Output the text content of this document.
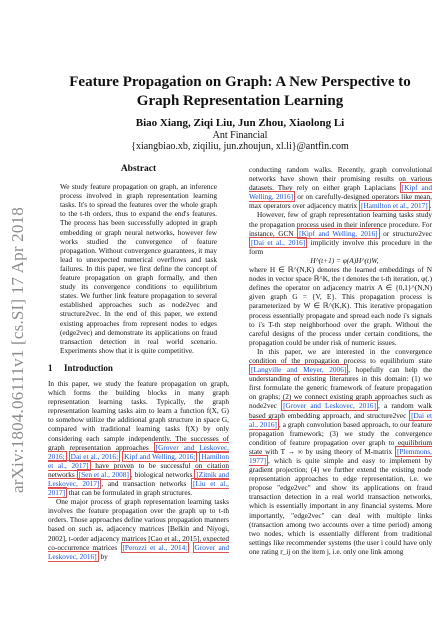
arXiv:1804.06111v1 [cs.SI] 17 Apr 2018
Feature Propagation on Graph: A New Perspective to Graph Representation Learning
Biao Xiang, Ziqi Liu, Jun Zhou, Xiaolong Li
Ant Financial
{xiangbiao.xb, ziqiliu, jun.zhoujun, xl.li}@antfin.com
Abstract

We study feature propagation on graph, an inference process involved in graph representation learning tasks. It's to spread the features over the whole graph to the t-th orders, thus to expand the end's features. The process has been successfully adopted in graph embedding or graph neural networks, however few works studied the convergence of feature propagation. Without convergence guarantees, it may lead to unexpected numerical overflows and task failures. In this paper, we first define the concept of feature propagation on graph formally, and then study its convergence conditions to equilibrium states. We further link feature propagation to several established approaches such as node2vec and structure2vec. In the end of this paper, we extend existing approaches from represent nodes to edges (edge2vec) and demonstrate its applications on fraud transaction detection in real world scenario. Experiments show that it is quite competitive.

1 Introduction

In this paper, we study the feature propagation on graph, which forms the building blocks in many graph representation learning tasks. Typically, the graph representation learning tasks aim to learn a function f(X, G) to somehow utilize the additional graph structure in space G, compared with traditional learning tasks f(X) by only considering each sample independently. The successes of graph representation approaches [Grover and Leskovec, 2016; Dai et al., 2016; Kipf and Welling, 2016; Hamilton et al., 2017] have proven to be successful on citation networks [Sen et al., 2008] , biological networks [Zitnik and Leskovec, 2017] , and transaction networks [Liu et al., 2017] that can be formulated in graph structures.

One major process of graph representation learning tasks involves the feature propagation over the graph up to t-th orders. Those approaches define various propagation manners based on such as, adjacency matrices [Belkin and Niyogi, 2002], t-order adjacency matrices [Cao et al., 2015], expected co-occurrence matrices [Perozzi et al., 2014; Grover and Leskovec, 2016] by

conducting random walks. Recently, graph convolutional networks have shown their promising results on various datasets. They rely on either graph Laplacians [Kipf and Welling, 2016] or on carefully-designed operators like mean, max operators over adjacency matrix [Hamilton et al., 2017] .

However, few of graph representation learning tasks study the propagation process used in their inference procedure. For instance, GCN [Kipf and Welling, 2016] or structure2vec [Dai et al., 2016] implicitly involve this procedure in the form

H^(t+1) = φ(A)H^(t)W,

where H ∈ ℝ^(N,K) denotes the learned embeddings of N nodes in vector space ℝ^K, the t denotes the t-th iteration, φ(.) defines the operator on adjacency matrix A ∈ {0,1}^(N,N) given graph G = {V, E}. This propagation process is parameterized by W ∈ ℝ^(K,K). This iterative propagation process essentially propagate and spread each node i's signals to i's T-th step neighborhood over the graph. Without the careful designs of the process under certain conditions, the propagation could be under risk of numeric issues.

In this paper, we are interested in the convergence condition of the propagation process to equilibrium state [Langville and Meyer, 2006] , hopefully can help the understanding of existing literatures in this domain: (1) we first formulate the generic framework of feature propagation on graphs; (2) we connect existing graph approaches such as node2vec [Grover and Leskovec, 2016] , a random walk based graph embedding approach, and structure2vec [Dai et al., 2016] , a graph convolution based approach, to our feature propagation framework; (3) we study the convergence condition of feature propagation over graph to equilibrium state with T → ∞ by using theory of M-matrix [Plemmons, 1977] , which is quite simple and easy to implement by gradient projection; (4) we further extend the existing node representation approaches to edge representation, i.e. we propose "edge2vec" and show its applications on fraud transaction detection in a real world transaction networks, which is essentially important in any financial systems. More importantly, "edge2vec" can deal with multiple links (transaction among two accounts over a time period) among two nodes, which is essentially different from traditional settings like recommender systems (the user i could have only one rating r_ij on the item j, i.e. only one link among
